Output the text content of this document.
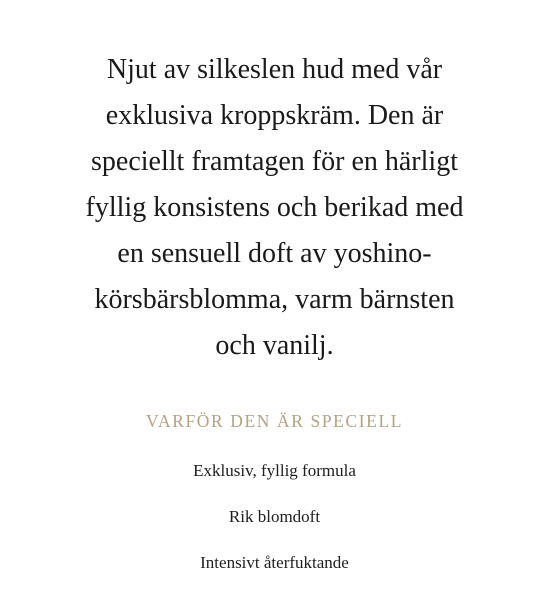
Njut av silkeslen hud med vår
exklusiva kroppskräm. Den är
speciellt framtagen för en härligt
fyllig konsistens och berikad med
en sensuell doft av yoshino-
körsbärsblomma, varm bärnsten
och vanilj.

VARFÖR DEN ÄR SPECIELL
Exklusiv, fyllig formula
Rik blomdoft
Intensivt återfuktande
